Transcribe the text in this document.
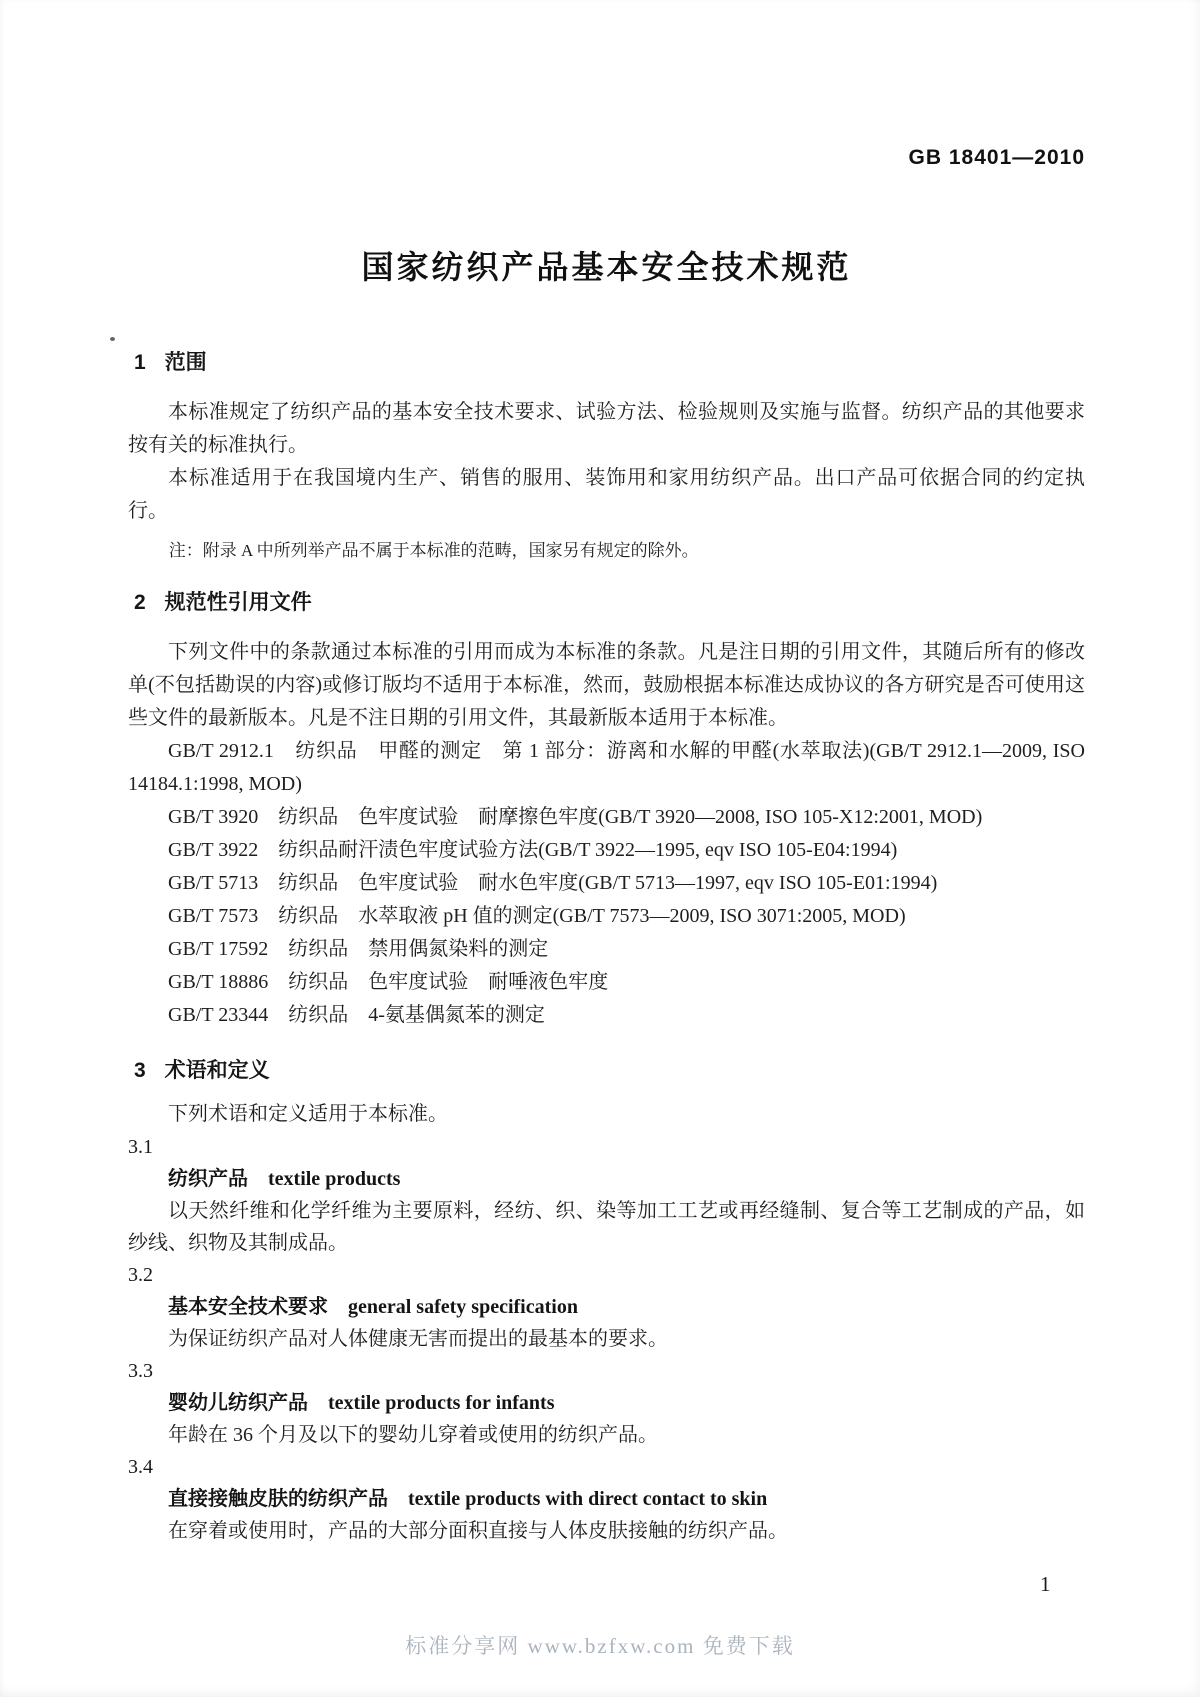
GB 18401—2010
国家纺织产品基本安全技术规范
1 范围

本标准规定了纺织产品的基本安全技术要求、试验方法、检验规则及实施与监督。纺织产品的其他要求按有关的标准执行。

本标准适用于在我国境内生产、销售的服用、装饰用和家用纺织产品。出口产品可依据合同的约定执行。

注：附录 A 中所列举产品不属于本标准的范畴，国家另有规定的除外。

2 规范性引用文件

下列文件中的条款通过本标准的引用而成为本标准的条款。凡是注日期的引用文件，其随后所有的修改单(不包括勘误的内容)或修订版均不适用于本标准，然而，鼓励根据本标准达成协议的各方研究是否可使用这些文件的最新版本。凡是不注日期的引用文件，其最新版本适用于本标准。

GB/T 2912.1　纺织品　甲醛的测定　第 1 部分：游离和水解的甲醛(水萃取法)(GB/T 2912.1—2009, ISO 14184.1:1998, MOD)

GB/T 3920　纺织品　色牢度试验　耐摩擦色牢度(GB/T 3920—2008, ISO 105-X12:2001, MOD)

GB/T 3922　纺织品耐汗渍色牢度试验方法(GB/T 3922—1995, eqv ISO 105-E04:1994)

GB/T 5713　纺织品　色牢度试验　耐水色牢度(GB/T 5713—1997, eqv ISO 105-E01:1994)

GB/T 7573　纺织品　水萃取液 pH 值的测定(GB/T 7573—2009, ISO 3071:2005, MOD)

GB/T 17592　纺织品　禁用偶氮染料的测定

GB/T 18886　纺织品　色牢度试验　耐唾液色牢度

GB/T 23344　纺织品　4-氨基偶氮苯的测定

3 术语和定义

下列术语和定义适用于本标准。

3.1
纺织产品 textile products

以天然纤维和化学纤维为主要原料，经纺、织、染等加工工艺或再经缝制、复合等工艺制成的产品，如纱线、织物及其制成品。

3.2
基本安全技术要求 general safety specification

为保证纺织产品对人体健康无害而提出的最基本的要求。

3.3
婴幼儿纺织产品 textile products for infants

年龄在 36 个月及以下的婴幼儿穿着或使用的纺织产品。

3.4
直接接触皮肤的纺织产品 textile products with direct contact to skin

在穿着或使用时，产品的大部分面积直接与人体皮肤接触的纺织产品。

1
标准分享网 www.bzfxw.com 免费下载
